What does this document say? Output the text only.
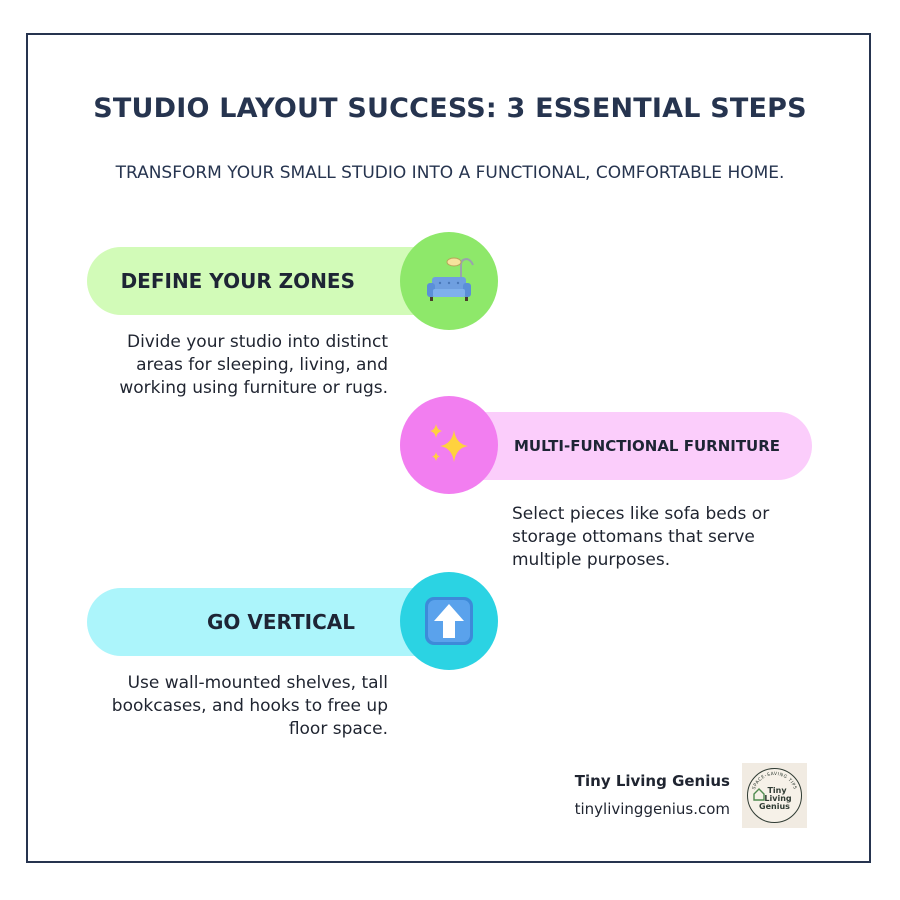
STUDIO LAYOUT SUCCESS: 3 ESSENTIAL STEPS
TRANSFORM YOUR SMALL STUDIO INTO A FUNCTIONAL, COMFORTABLE HOME.
DEFINE YOUR ZONES
Divide your studio into distinct areas for sleeping, living, and working using furniture or rugs.
MULTI-FUNCTIONAL FURNITURE
Select pieces like sofa beds or storage ottomans that serve multiple purposes.
GO VERTICAL
Use wall-mounted shelves, tall bookcases, and hooks to free up floor space.
Tiny Living Genius
tinylivinggenius.com
SPACE-SAVING TIPS
Tiny
Living
Genius
